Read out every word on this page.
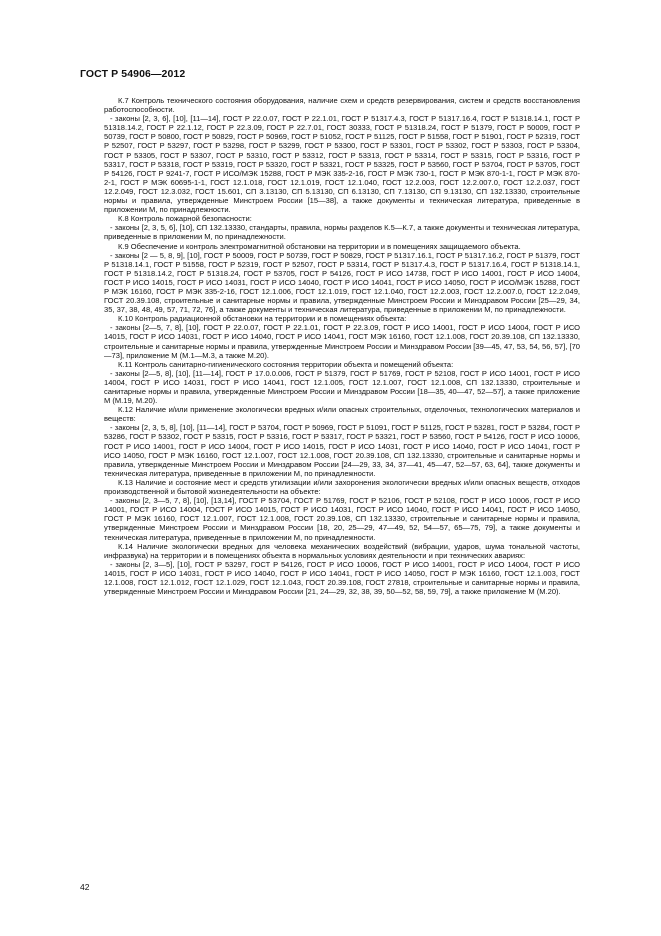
ГОСТ Р 54906—2012

К.7 Контроль технического состояния оборудования, наличие схем и средств резервирования, систем и средств восстановления работоспособности.

- законы [2, 3, 6], [10], [11—14], ГОСТ Р 22.0.07, ГОСТ Р 22.1.01, ГОСТ Р 51317.4.3, ГОСТ Р 51317.16.4, ГОСТ Р 51318.14.1, ГОСТ Р 51318.14.2, ГОСТ Р 22.1.12, ГОСТ Р 22.3.09, ГОСТ Р 22.7.01, ГОСТ 30333, ГОСТ Р 51318.24, ГОСТ Р 51379, ГОСТ Р 50009, ГОСТ Р 50739, ГОСТ Р 50800, ГОСТ Р 50829, ГОСТ Р 50969, ГОСТ Р 51052, ГОСТ Р 51125, ГОСТ Р 51558, ГОСТ Р 51901, ГОСТ Р 52319, ГОСТ Р 52507, ГОСТ Р 53297, ГОСТ Р 53298, ГОСТ Р 53299, ГОСТ Р 53300, ГОСТ Р 53301, ГОСТ Р 53302, ГОСТ Р 53303, ГОСТ Р 53304, ГОСТ Р 53305, ГОСТ Р 53307, ГОСТ Р 53310, ГОСТ Р 53312, ГОСТ Р 53313, ГОСТ Р 53314, ГОСТ Р 53315, ГОСТ Р 53316, ГОСТ Р 53317, ГОСТ Р 53318, ГОСТ Р 53319, ГОСТ Р 53320, ГОСТ Р 53321, ГОСТ Р 53325, ГОСТ Р 53560, ГОСТ Р 53704, ГОСТ Р 53705, ГОСТ Р 54126, ГОСТ Р 9241-7, ГОСТ Р ИСО/МЭК 15288, ГОСТ Р МЭК 335-2-16, ГОСТ Р МЭК 730-1, ГОСТ Р МЭК 870-1-1, ГОСТ Р МЭК 870-2-1, ГОСТ Р МЭК 60695-1-1, ГОСТ 12.1.018, ГОСТ 12.1.019, ГОСТ 12.1.040, ГОСТ 12.2.003, ГОСТ 12.2.007.0, ГОСТ 12.2.037, ГОСТ 12.2.049, ГОСТ 12.3.032, ГОСТ 15.601, СП 3.13130, СП 5.13130, СП 6.13130, СП 7.13130, СП 9.13130, СП 132.13330, строительные нормы и правила, утвержденные Минстроем России [15—38], а также документы и техническая литература, приведенные в приложении М, по принадлежности.

К.8 Контроль пожарной безопасности:

- законы [2, 3, 5, 6], [10], СП 132.13330, стандарты, правила, нормы разделов К.5—К.7, а также документы и техническая литература, приведенные в приложении М, по принадлежности.

К.9 Обеспечение и контроль электромагнитной обстановки на территории и в помещениях защищаемого объекта.

- законы [2 — 5, 8, 9], [10], ГОСТ Р 50009, ГОСТ Р 50739, ГОСТ Р 50829, ГОСТ Р 51317.16.1, ГОСТ Р 51317.16.2, ГОСТ Р 51379, ГОСТ Р 51318.14.1, ГОСТ Р 51558, ГОСТ Р 52319, ГОСТ Р 52507, ГОСТ Р 53314, ГОСТ Р 51317.4.3, ГОСТ Р 51317.16.4, ГОСТ Р 51318.14.1, ГОСТ Р 51318.14.2, ГОСТ Р 51318.24, ГОСТ Р 53705, ГОСТ Р 54126, ГОСТ Р ИСО 14738, ГОСТ Р ИСО 14001, ГОСТ Р ИСО 14004, ГОСТ Р ИСО 14015, ГОСТ Р ИСО 14031, ГОСТ Р ИСО 14040, ГОСТ Р ИСО 14041, ГОСТ Р ИСО 14050, ГОСТ Р ИСО/МЭК 15288, ГОСТ Р МЭК 16160, ГОСТ Р МЭК 335-2-16, ГОСТ 12.1.006, ГОСТ 12.1.019, ГОСТ 12.1.040, ГОСТ 12.2.003, ГОСТ 12.2.007.0, ГОСТ 12.2.049, ГОСТ 20.39.108, строительные и санитарные нормы и правила, утвержденные Минстроем России и Минздравом России [25—29, 34, 35, 37, 38, 48, 49, 57, 71, 72, 76], а также документы и техническая литература, приведенные в приложении М, по принадлежности.

К.10 Контроль радиационной обстановки на территории и в помещениях объекта:

- законы [2—5, 7, 8], [10], ГОСТ Р 22.0.07, ГОСТ Р 22.1.01, ГОСТ Р 22.3.09, ГОСТ Р ИСО 14001, ГОСТ Р ИСО 14004, ГОСТ Р ИСО 14015, ГОСТ Р ИСО 14031, ГОСТ Р ИСО 14040, ГОСТ Р ИСО 14041, ГОСТ МЭК 16160, ГОСТ 12.1.008, ГОСТ 20.39.108, СП 132.13330, строительные и санитарные нормы и правила, утвержденные Минстроем России и Минздравом России [39—45, 47, 53, 54, 56, 57], [70—73], приложение М (М.1—М.3, а также М.20).

К.11 Контроль санитарно-гигиенического состояния территории объекта и помещений объекта:

- законы [2—5, 8], [10], [11—14], ГОСТ Р 17.0.0.006, ГОСТ Р 51379, ГОСТ Р 51769, ГОСТ Р 52108, ГОСТ Р ИСО 14001, ГОСТ Р ИСО 14004, ГОСТ Р ИСО 14031, ГОСТ Р ИСО 14041, ГОСТ 12.1.005, ГОСТ 12.1.007, ГОСТ 12.1.008, СП 132.13330, строительные и санитарные нормы и правила, утвержденные Минстроем России и Минздравом России [18—35, 40—47, 52—57], а также приложение М (М.19, М.20).

К.12 Наличие и/или применение экологически вредных и/или опасных строительных, отделочных, технологических материалов и веществ:

- законы [2, 3, 5, 8], [10], [11—14], ГОСТ Р 53704, ГОСТ Р 50969, ГОСТ Р 51091, ГОСТ Р 51125, ГОСТ Р 53281, ГОСТ Р 53284, ГОСТ Р 53286, ГОСТ Р 53302, ГОСТ Р 53315, ГОСТ Р 53316, ГОСТ Р 53317, ГОСТ Р 53321, ГОСТ Р 53560, ГОСТ Р 54126, ГОСТ Р ИСО 10006, ГОСТ Р ИСО 14001, ГОСТ Р ИСО 14004, ГОСТ Р ИСО 14015, ГОСТ Р ИСО 14031, ГОСТ Р ИСО 14040, ГОСТ Р ИСО 14041, ГОСТ Р ИСО 14050, ГОСТ Р МЭК 16160, ГОСТ 12.1.007, ГОСТ 12.1.008, ГОСТ 20.39.108, СП 132.13330, строительные и санитарные нормы и правила, утвержденные Минстроем России и Минздравом России [24—29, 33, 34, 37—41, 45—47, 52—57, 63, 64], также документы и техническая литература, приведенные в приложении М, по принадлежности.

К.13 Наличие и состояние мест и средств утилизации и/или захоронения экологически вредных и/или опасных веществ, отходов производственной и бытовой жизнедеятельности на объекте:

- законы [2, 3—5, 7, 8], [10], [13,14], ГОСТ Р 53704, ГОСТ Р 51769, ГОСТ Р 52106, ГОСТ Р 52108, ГОСТ Р ИСО 10006, ГОСТ Р ИСО 14001, ГОСТ Р ИСО 14004, ГОСТ Р ИСО 14015, ГОСТ Р ИСО 14031, ГОСТ Р ИСО 14040, ГОСТ Р ИСО 14041, ГОСТ Р ИСО 14050, ГОСТ Р МЭК 16160, ГОСТ 12.1.007, ГОСТ 12.1.008, ГОСТ 20.39.108, СП 132.13330, строительные и санитарные нормы и правила, утвержденные Минстроем России и Минздравом России [18, 20, 25—29, 47—49, 52, 54—57, 65—75, 79], а также документы и техническая литература, приведенные в приложении М, по принадлежности.

К.14 Наличие экологически вредных для человека механических воздействий (вибрации, ударов, шума тональной частоты, инфразвука) на территории и в помещениях объекта в нормальных условиях деятельности и при технических авариях:

- законы [2, 3—5], [10], ГОСТ Р 53297, ГОСТ Р 54126, ГОСТ Р ИСО 10006, ГОСТ Р ИСО 14001, ГОСТ Р ИСО 14004, ГОСТ Р ИСО 14015, ГОСТ Р ИСО 14031, ГОСТ Р ИСО 14040, ГОСТ Р ИСО 14041, ГОСТ Р ИСО 14050, ГОСТ Р МЭК 16160, ГОСТ 12.1.003, ГОСТ 12.1.008, ГОСТ 12.1.012, ГОСТ 12.1.029, ГОСТ 12.1.043, ГОСТ 20.39.108, ГОСТ 27818, строительные и санитарные нормы и правила, утвержденные Минстроем России и Минздравом России [21, 24—29, 32, 38, 39, 50—52, 58, 59, 79], а также приложение М (М.20).

42
